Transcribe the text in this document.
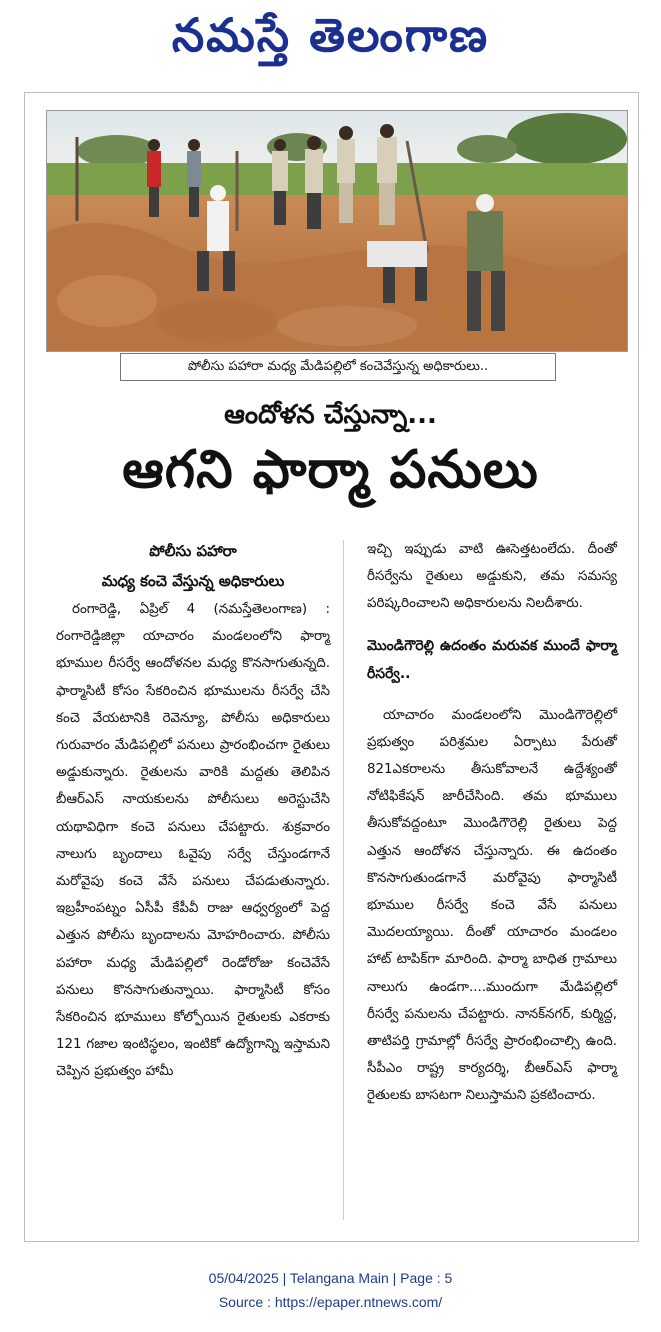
నమస్తే తెలంగాణ
పోలీసు పహారా మధ్య మేడిపల్లిలో కంచెవేస్తున్న అధికారులు..
ఆందోళన చేస్తున్నా...
ఆగని ఫార్మా పనులు

పోలీసు పహారా

మధ్య కంచె వేస్తున్న అధికారులు

రంగారెడ్డి, ఏప్రిల్ 4 (నమస్తేతెలంగాణ) : రంగారెడ్డిజిల్లా యాచారం మండలంలోని ఫార్మా భూముల రీసర్వే ఆందోళనల మధ్య కొనసాగుతున్నది. ఫార్మాసిటీ కోసం సేకరించిన భూములను రీసర్వే చేసి కంచె వేయటానికి రెవెన్యూ, పోలీసు అధికారులు గురువారం మేడిపల్లిలో పనులు ప్రారంభించగా రైతులు అడ్డుకున్నారు. రైతులను వారికి మద్దతు తెలిపిన బీఆర్ఎస్ నాయకులను పోలీసులు అరెస్టుచేసి యథావిధిగా కంచె పనులు చేపట్టారు. శుక్రవారం నాలుగు బృందాలు ఓవైపు సర్వే చేస్తుండగానే మరోవైపు కంచె వేసే పనులు చేపడుతున్నారు. ఇబ్రహీంపట్నం ఏసీపీ కేపీవీ రాజు ఆధ్వర్యంలో పెద్ద ఎత్తున పోలీసు బృందాలను మోహరించారు. పోలీసు పహారా మధ్య మేడిపల్లిలో రెండోరోజు కంచెవేసే పనులు కొనసాగుతున్నాయి. ఫార్మాసిటీ కోసం సేకరించిన భూములు కోల్పోయిన రైతులకు ఎకరాకు 121 గజాల ఇంటిస్థలం, ఇంటికో ఉద్యోగాన్ని ఇస్తామని చెప్పిన ప్రభుత్వం హామీ

ఇచ్చి ఇప్పుడు వాటి ఊసెత్తటంలేదు. దీంతో రీసర్వేను రైతులు అడ్డుకుని, తమ సమస్య పరిష్కరించాలని అధికారులను నిలదీశారు.

మొండిగౌరెల్లి ఉదంతం మరువక ముందే ఫార్మా రీసర్వే..

యాచారం మండలంలోని మొండిగౌరెల్లిలో ప్రభుత్వం పరిశ్రమల ఏర్పాటు పేరుతో 821ఎకరాలను తీసుకోవాలనే ఉద్దేశ్యంతో నోటిఫికేషన్ జారీచేసింది. తమ భూములు తీసుకోవద్దంటూ మొండిగౌరెల్లి రైతులు పెద్ద ఎత్తున ఆందోళన చేస్తున్నారు. ఈ ఉదంతం కొనసాగుతుండగానే మరోవైపు ఫార్మాసిటీ భూముల రీసర్వే కంచె వేసే పనులు మొదలయ్యాయి. దీంతో యాచారం మండలం హాట్ టాపిక్‌గా మారింది. ఫార్మా బాధిత గ్రామాలు నాలుగు ఉండగా....ముందుగా మేడిపల్లిలో రీసర్వే పనులను చేపట్టారు. నానక్‌నగర్, కుర్మిద్ద, తాటిపర్తి గ్రామాల్లో రీసర్వే ప్రారంభించాల్సి ఉంది. సీపీఎం రాష్ట్ర కార్యదర్శి, బీఆర్ఎస్ ఫార్మా రైతులకు బాసటగా నిలుస్తామని ప్రకటించారు.

05/04/2025 | Telangana Main | Page : 5
Source : https://epaper.ntnews.com/
